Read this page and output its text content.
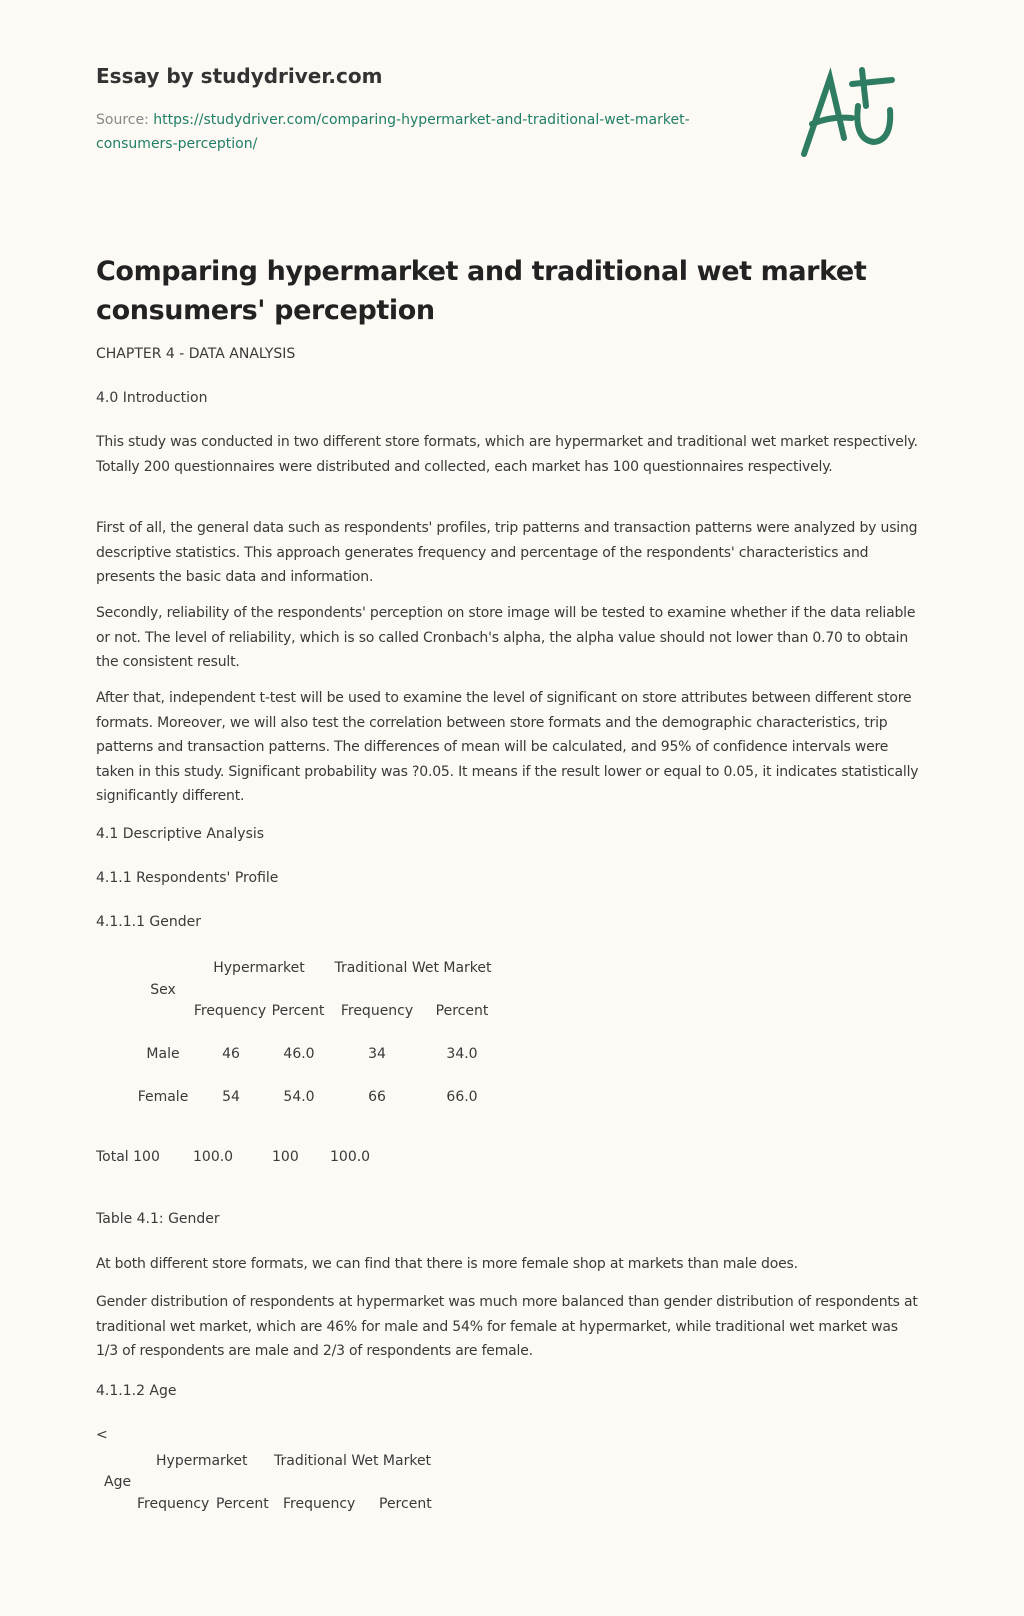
Essay by studydriver.com
Source: https://studydriver.com/comparing-hypermarket-and-traditional-wet-market-consumers-perception/
Comparing hypermarket and traditional wet market consumers' perception
CHAPTER 4 - DATA ANALYSIS
4.0 Introduction
This study was conducted in two different store formats, which are hypermarket and traditional wet market respectively. Totally 200 questionnaires were distributed and collected, each market has 100 questionnaires respectively.
First of all, the general data such as respondents' profiles, trip patterns and transaction patterns were analyzed by using descriptive statistics. This approach generates frequency and percentage of the respondents' characteristics and presents the basic data and information.
Secondly, reliability of the respondents' perception on store image will be tested to examine whether if the data reliable or not. The level of reliability, which is so called Cronbach's alpha, the alpha value should not lower than 0.70 to obtain the consistent result.
After that, independent t-test will be used to examine the level of significant on store attributes between different store formats. Moreover, we will also test the correlation between store formats and the demographic characteristics, trip patterns and transaction patterns. The differences of mean will be calculated, and 95% of confidence intervals were taken in this study. Significant probability was ?0.05. It means if the result lower or equal to 0.05, it indicates statistically significantly different.
4.1 Descriptive Analysis
4.1.1 Respondents' Profile
4.1.1.1 Gender
Hypermarket Traditional Wet Market
Sex
Frequency Percent Frequency Percent
Male	46	46.0	34	34.0
Female 54	54.0	66	66.0
Total 100 100.0	100 100.0
Table 4.1: Gender
At both different store formats, we can find that there is more female shop at markets than male does.
Gender distribution of respondents at hypermarket was much more balanced than gender distribution of respondents at traditional wet market, which are 46% for male and 54% for female at hypermarket, while traditional wet market was 1/3 of respondents are male and 2/3 of respondents are female.
4.1.1.2 Age
<
Hypermarket Traditional Wet Market
Age
Frequency Percent Frequency Percent
